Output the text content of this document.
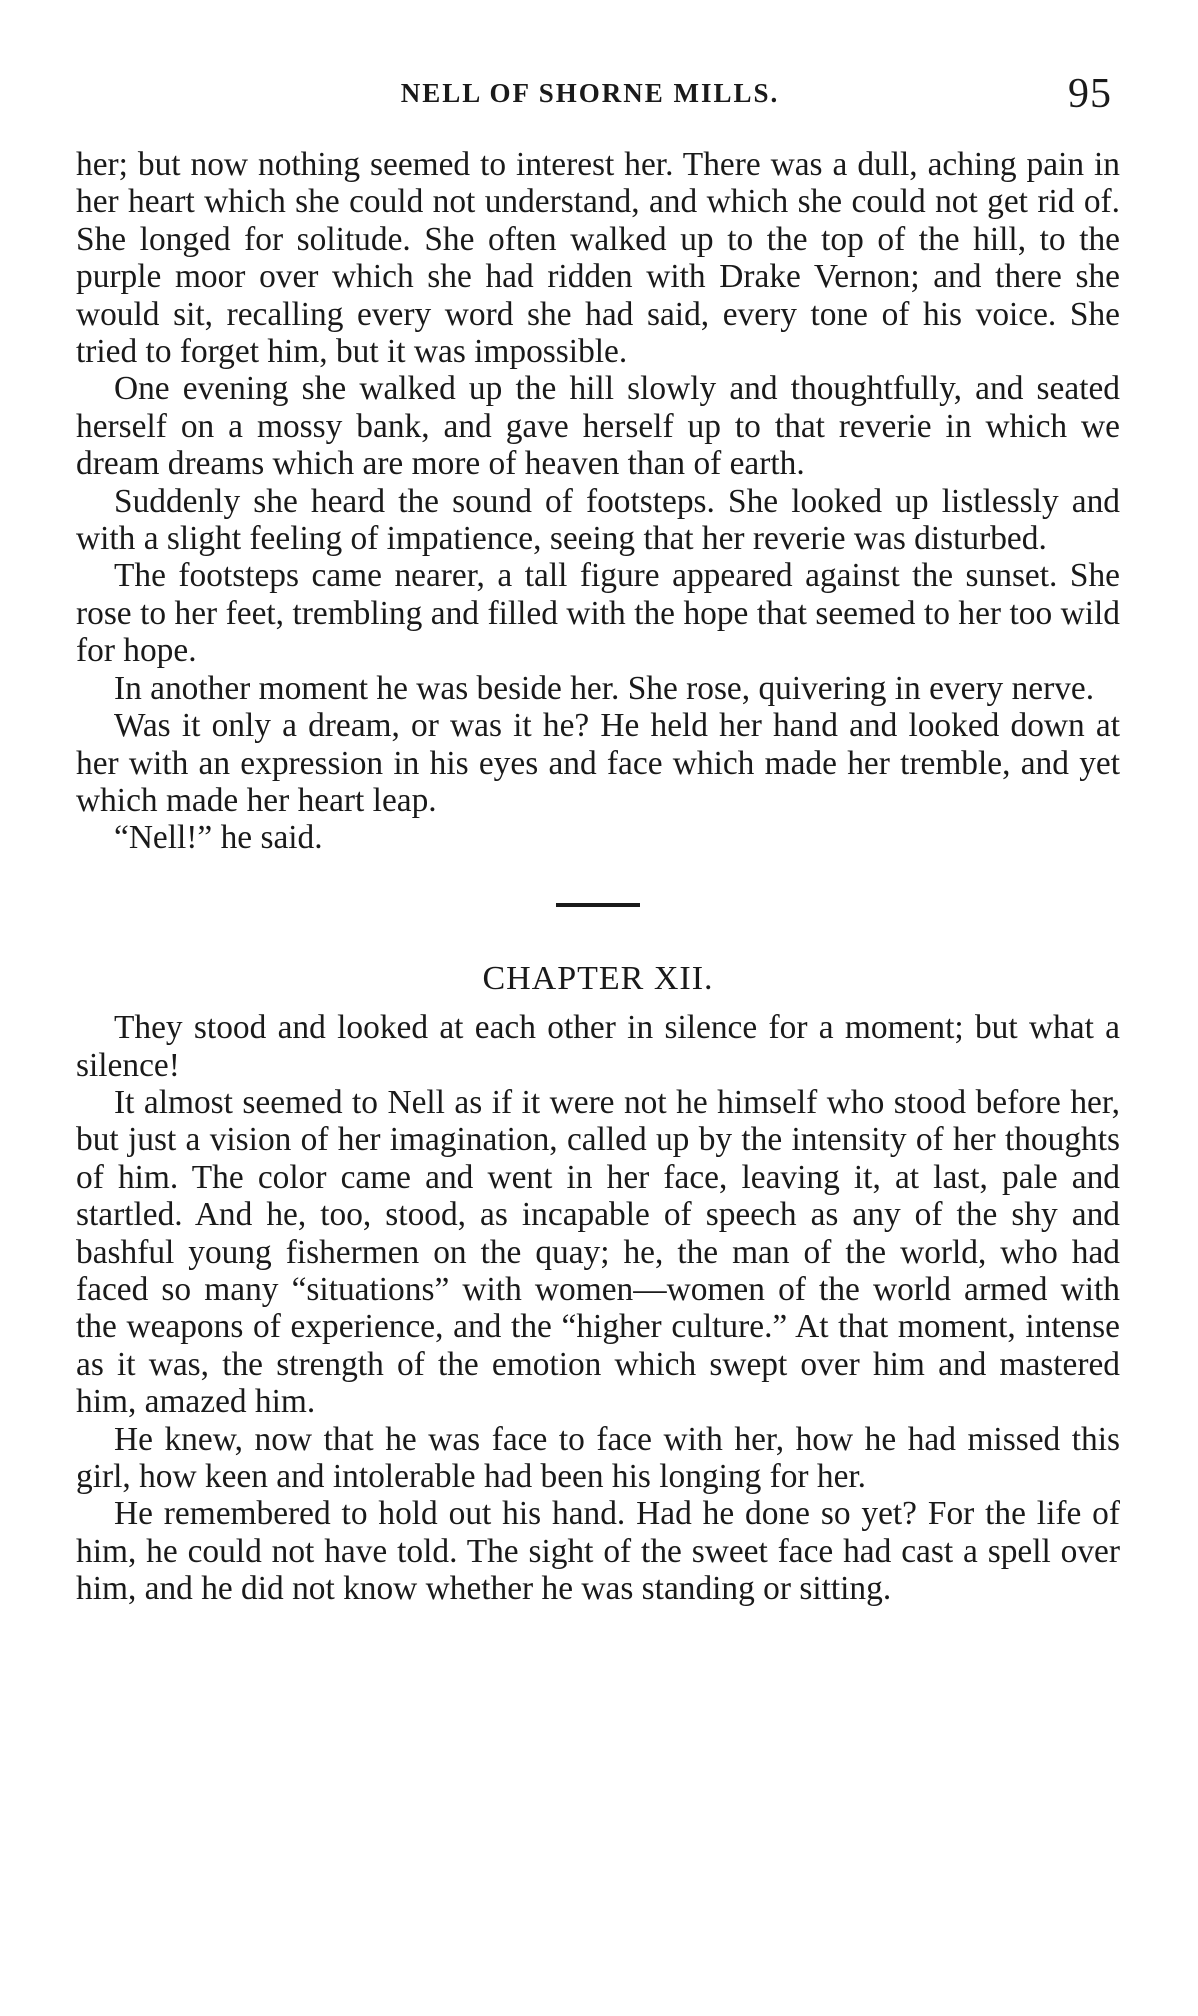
NELL OF SHORNE MILLS.	95

her; but now nothing seemed to interest her. There was a dull, aching pain in her heart which she could not understand, and which she could not get rid of. She longed for solitude. She often walked up to the top of the hill, to the purple moor over which she had ridden with Drake Vernon; and there she would sit, recalling every word she had said, every tone of his voice. She tried to forget him, but it was impossible.

One evening she walked up the hill slowly and thoughtfully, and seated herself on a mossy bank, and gave herself up to that reverie in which we dream dreams which are more of heaven than of earth.

Suddenly she heard the sound of footsteps. She looked up listlessly and with a slight feeling of impatience, seeing that her reverie was disturbed.

The footsteps came nearer, a tall figure appeared against the sunset. She rose to her feet, trembling and filled with the hope that seemed to her too wild for hope.

In another moment he was beside her. She rose, quivering in every nerve.

Was it only a dream, or was it he? He held her hand and looked down at her with an expression in his eyes and face which made her tremble, and yet which made her heart leap.

“Nell!” he said.

CHAPTER XII.

They stood and looked at each other in silence for a moment; but what a silence!

It almost seemed to Nell as if it were not he himself who stood before her, but just a vision of her imagination, called up by the intensity of her thoughts of him. The color came and went in her face, leaving it, at last, pale and startled. And he, too, stood, as incapable of speech as any of the shy and bashful young fishermen on the quay; he, the man of the world, who had faced so many “situations” with women—women of the world armed with the weapons of experience, and the “higher culture.” At that moment, intense as it was, the strength of the emotion which swept over him and mastered him, amazed him.

He knew, now that he was face to face with her, how he had missed this girl, how keen and intolerable had been his longing for her.

He remembered to hold out his hand. Had he done so yet? For the life of him, he could not have told. The sight of the sweet face had cast a spell over him, and he did not know whether he was standing or sitting.
